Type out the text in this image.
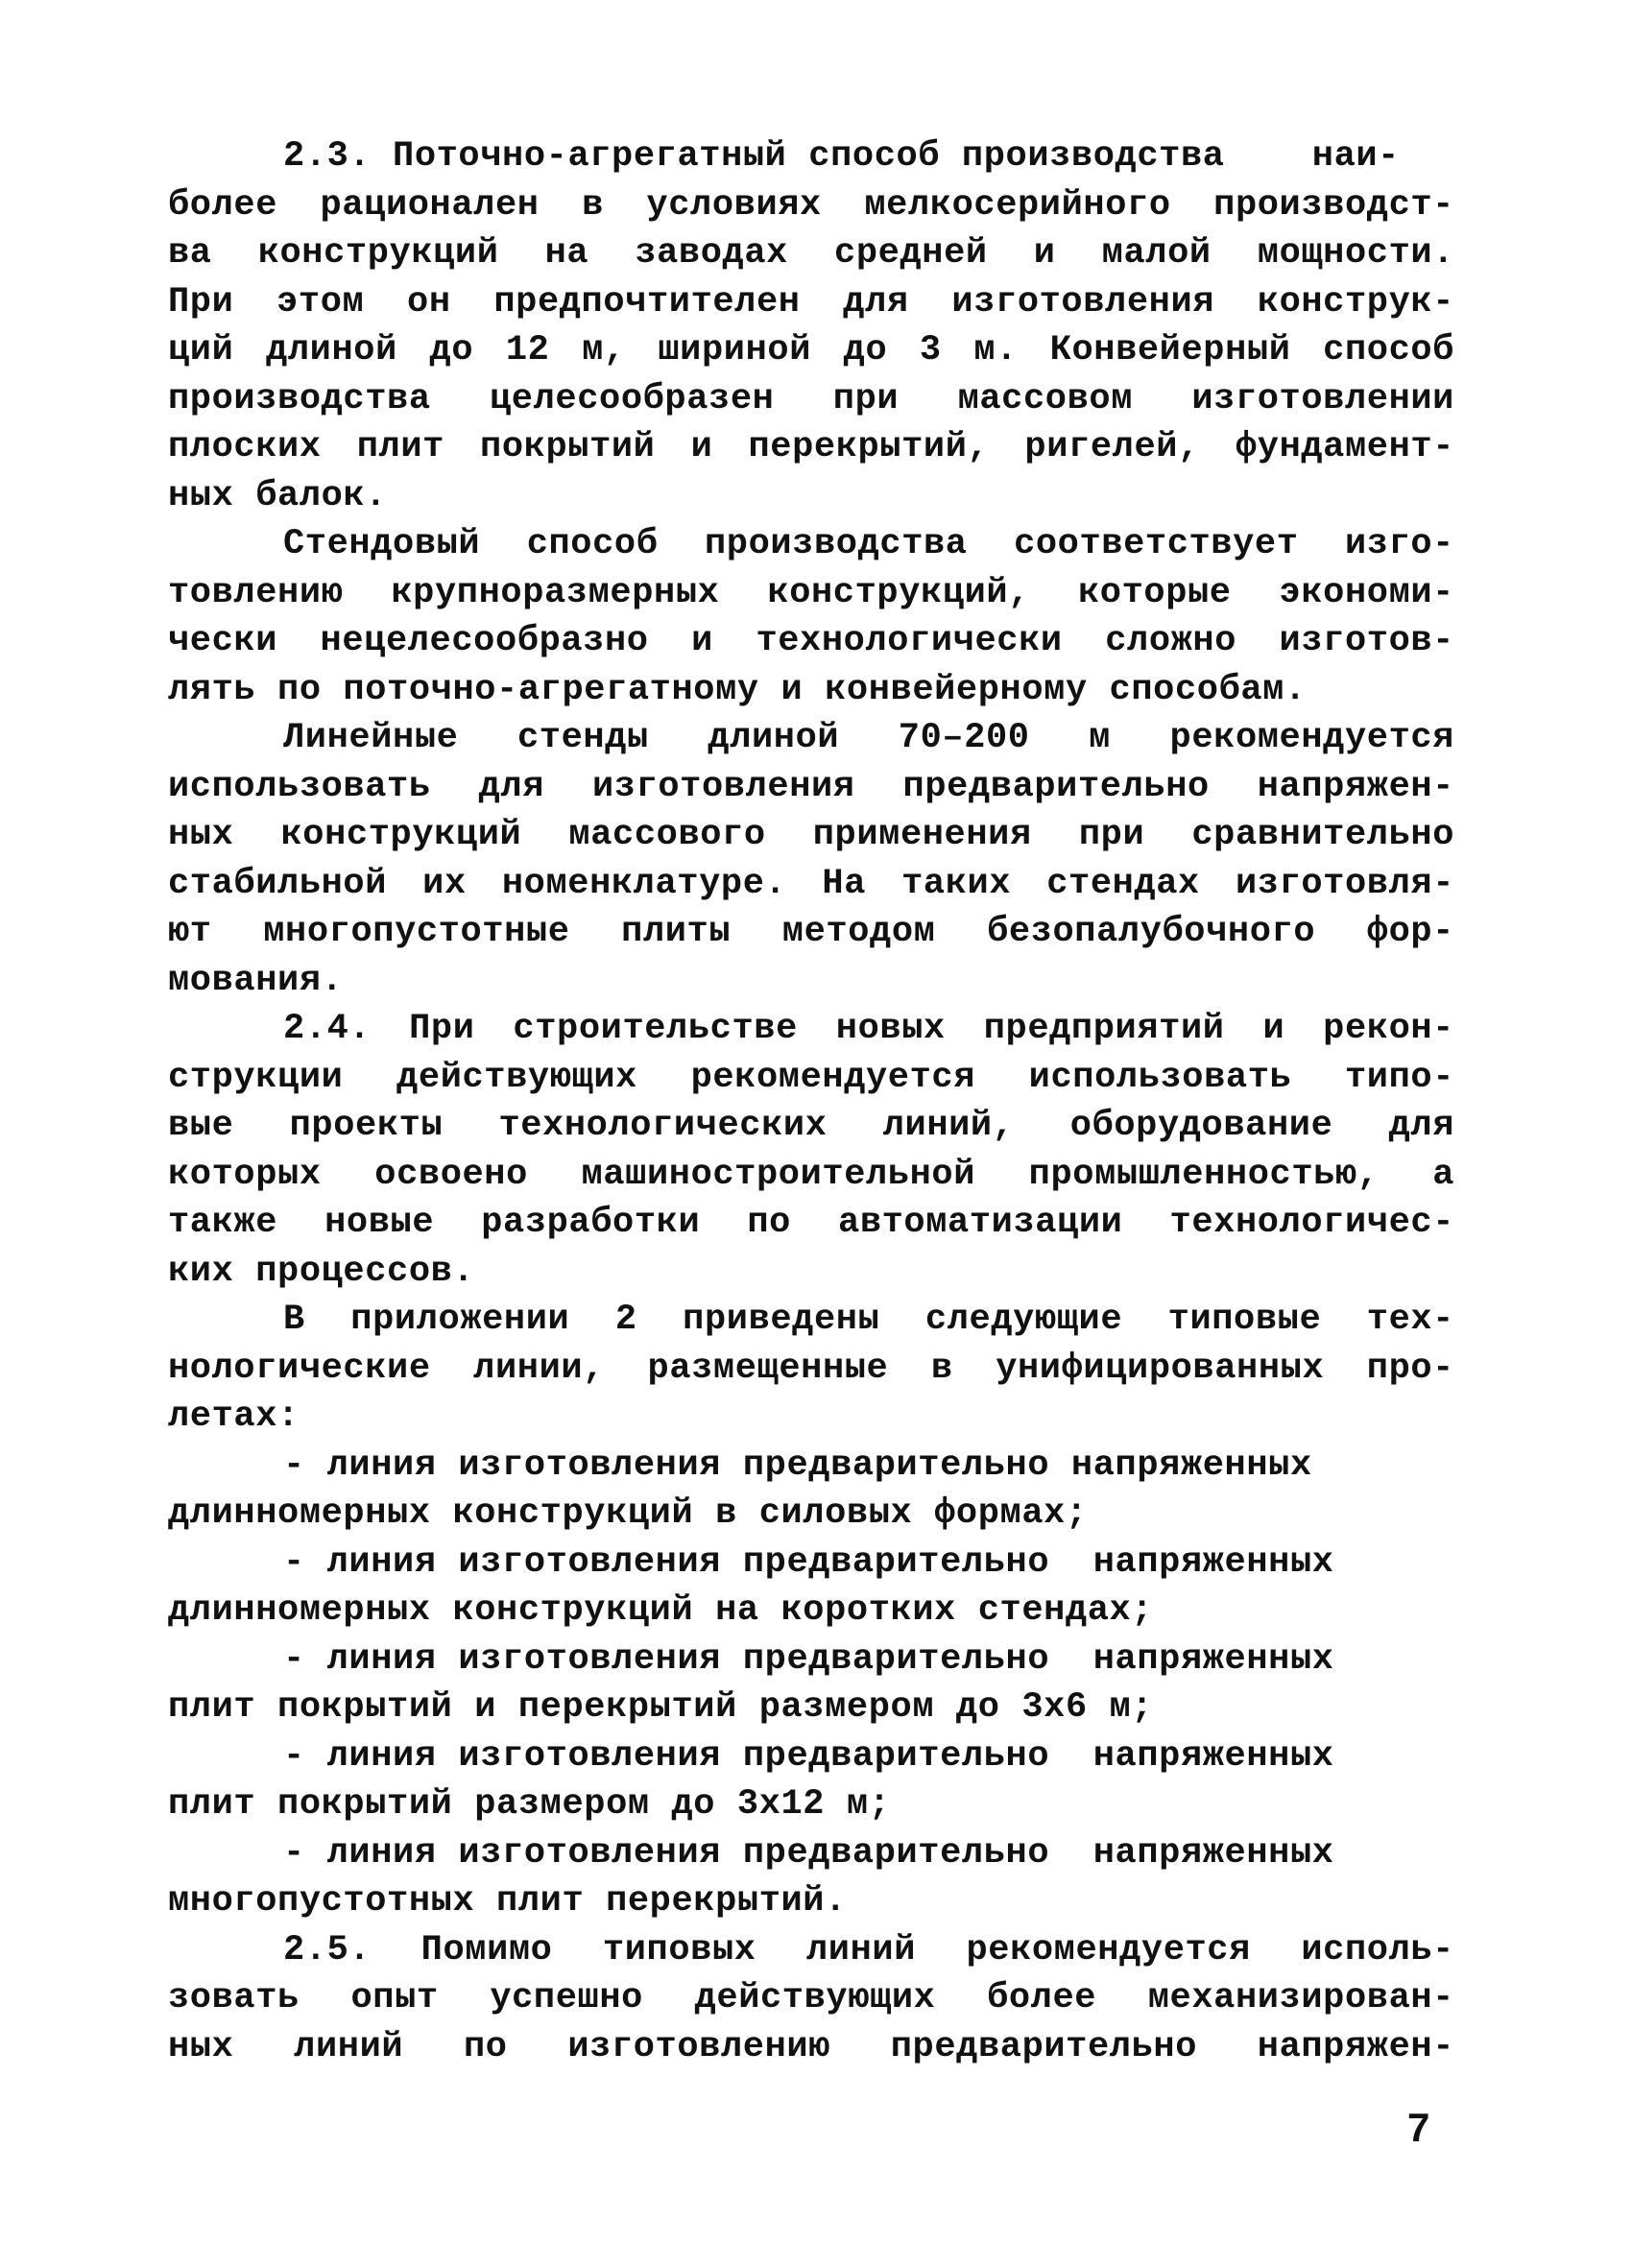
2.3. Поточно-агрегатный способ производства    наи-
более рационален в условиях мелкосерийного производст-
ва конструкций на заводах средней и малой мощности.
При этом он предпочтителен для изготовления конструк-
ций длиной до 12 м, шириной до 3 м. Конвейерный способ
производства целесообразен при массовом изготовлении
плоских плит покрытий и перекрытий, ригелей, фундамент-
ных балок.
Стендовый способ производства соответствует изго-
товлению крупноразмерных конструкций, которые экономи-
чески нецелесообразно и технологически сложно изготов-
лять по поточно-агрегатному и конвейерному способам.
Линейные стенды длиной 70–200 м рекомендуется
использовать для изготовления предварительно напряжен-
ных конструкций массового применения при сравнительно
стабильной их номенклатуре. На таких стендах изготовля-
ют многопустотные плиты методом безопалубочного фор-
мования.
2.4. При строительстве новых предприятий и рекон-
струкции действующих рекомендуется использовать типо-
вые проекты технологических линий, оборудование для
которых освоено машиностроительной промышленностью, а
также новые разработки по автоматизации технологичес-
ких процессов.
В приложении 2 приведены следующие типовые тех-
нологические линии, размещенные в унифицированных про-
летах:
- линия изготовления предварительно напряженных
длинномерных конструкций в силовых формах;
- линия изготовления предварительно  напряженных
длинномерных конструкций на коротких стендах;
- линия изготовления предварительно  напряженных
плит покрытий и перекрытий размером до 3х6 м;
- линия изготовления предварительно  напряженных
плит покрытий размером до 3х12 м;
- линия изготовления предварительно  напряженных
многопустотных плит перекрытий.
2.5. Помимо типовых линий рекомендуется исполь-
зовать опыт успешно действующих более механизирован-
ных линий по изготовлению предварительно напряжен-
7
